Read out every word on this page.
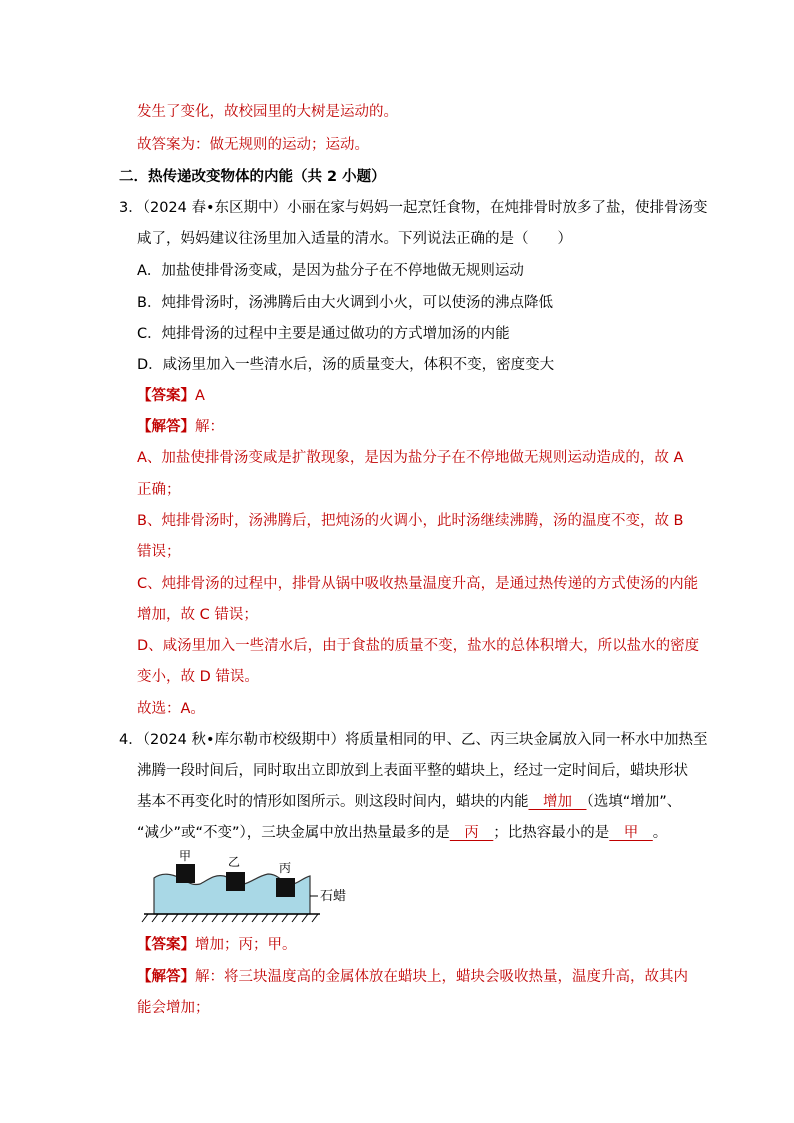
发生了变化，故校园里的大树是运动的。
故答案为：做无规则的运动；运动。
二．热传递改变物体的内能（共 2 小题）
3．（2024 春•东区期中）小丽在家与妈妈一起烹饪食物，在炖排骨时放多了盐，使排骨汤变
咸了，妈妈建议往汤里加入适量的清水。下列说法正确的是（　　）
A．加盐使排骨汤变咸，是因为盐分子在不停地做无规则运动
B．炖排骨汤时，汤沸腾后由大火调到小火，可以使汤的沸点降低
C．炖排骨汤的过程中主要是通过做功的方式增加汤的内能
D．咸汤里加入一些清水后，汤的质量变大，体积不变，密度变大
【答案】A
【解答】解：
A、加盐使排骨汤变咸是扩散现象，是因为盐分子在不停地做无规则运动造成的，故 A
正确；
B、炖排骨汤时，汤沸腾后，把炖汤的火调小，此时汤继续沸腾，汤的温度不变，故 B
错误；
C、炖排骨汤的过程中，排骨从锅中吸收热量温度升高，是通过热传递的方式使汤的内能
增加，故 C 错误；
D、咸汤里加入一些清水后，由于食盐的质量不变，盐水的总体积增大，所以盐水的密度
变小，故 D 错误。
故选：A。
4．（2024 秋•库尔勒市校级期中）将质量相同的甲、乙、丙三块金属放入同一杯水中加热至
沸腾一段时间后，同时取出立即放到上表面平整的蜡块上，经过一定时间后，蜡块形状
基本不再变化时的情形如图所示。则这段时间内，蜡块的内能　增加　（选填“增加”、
“减少”或“不变”），三块金属中放出热量最多的是　丙　；比热容最小的是　甲　。
甲	乙	丙
石蜡
【答案】增加；丙；甲。
【解答】解：将三块温度高的金属体放在蜡块上，蜡块会吸收热量，温度升高，故其内
能会增加；
